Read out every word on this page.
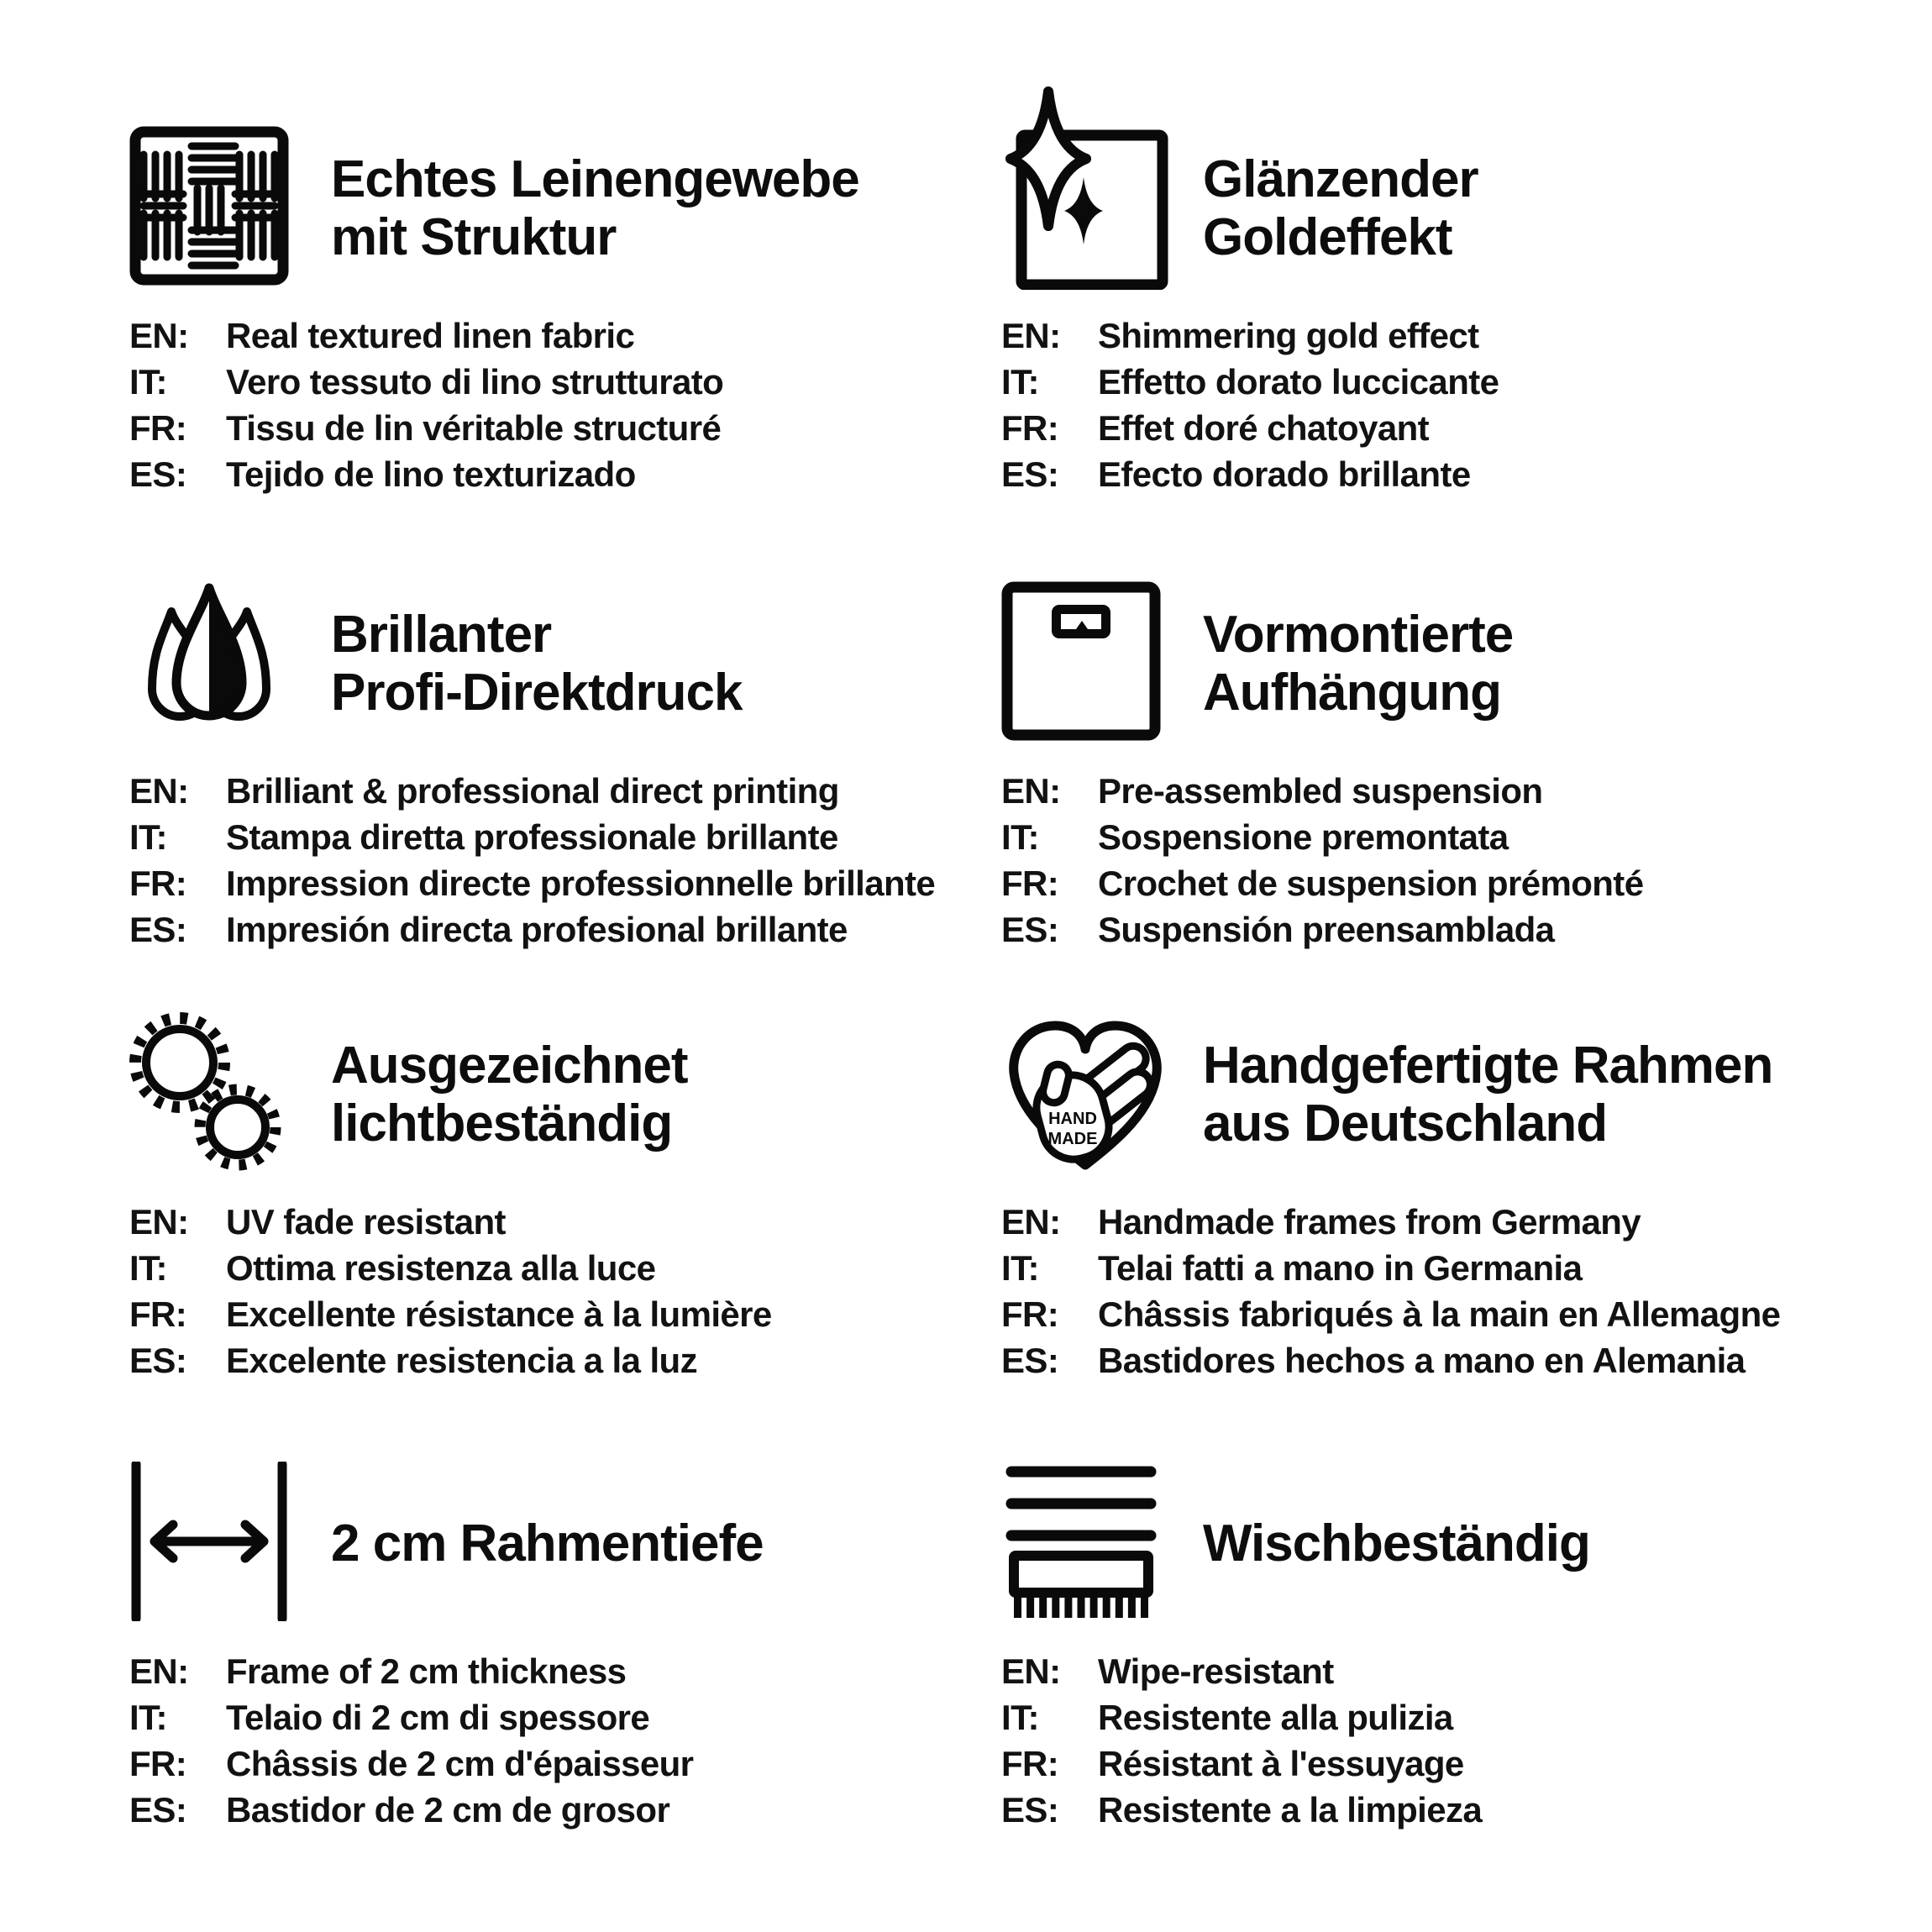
Echtes Leinengewebe
mit Struktur
EN:	Real textured linen fabric
IT:	Vero tessuto di lino strutturato
FR:	Tissu de lin véritable structuré
ES:	Tejido de lino texturizado
Glänzender
Goldeffekt
EN:	Shimmering gold effect
IT:	Effetto dorato luccicante
FR:	Effet doré chatoyant
ES:	Efecto dorado brillante
Brillanter
Profi-Direktdruck
EN:	Brilliant & professional direct printing
IT:	Stampa diretta professionale brillante
FR:	Impression directe professionnelle brillante
ES:	Impresión directa profesional brillante
Vormontierte
Aufhängung
EN:	Pre-assembled suspension
IT:	Sospensione premontata
FR:	Crochet de suspension prémonté
ES:	Suspensión preensamblada
Ausgezeichnet
lichtbeständig
EN:	UV fade resistant
IT:	Ottima resistenza alla luce
FR:	Excellente résistance à la lumière
ES:	Excelente resistencia a la luz
HAND
MADE
Handgefertigte Rahmen
aus Deutschland
EN:	Handmade frames from Germany
IT:	Telai fatti a mano in Germania
FR:	Châssis fabriqués à la main en Allemagne
ES:	Bastidores hechos a mano en Alemania
2 cm Rahmentiefe
EN:	Frame of 2 cm thickness
IT:	Telaio di 2 cm di spessore
FR:	Châssis de 2 cm d'épaisseur
ES:	Bastidor de 2 cm de grosor
Wischbeständig
EN:	Wipe-resistant
IT:	Resistente alla pulizia
FR:	Résistant à l'essuyage
ES:	Resistente a la limpieza
